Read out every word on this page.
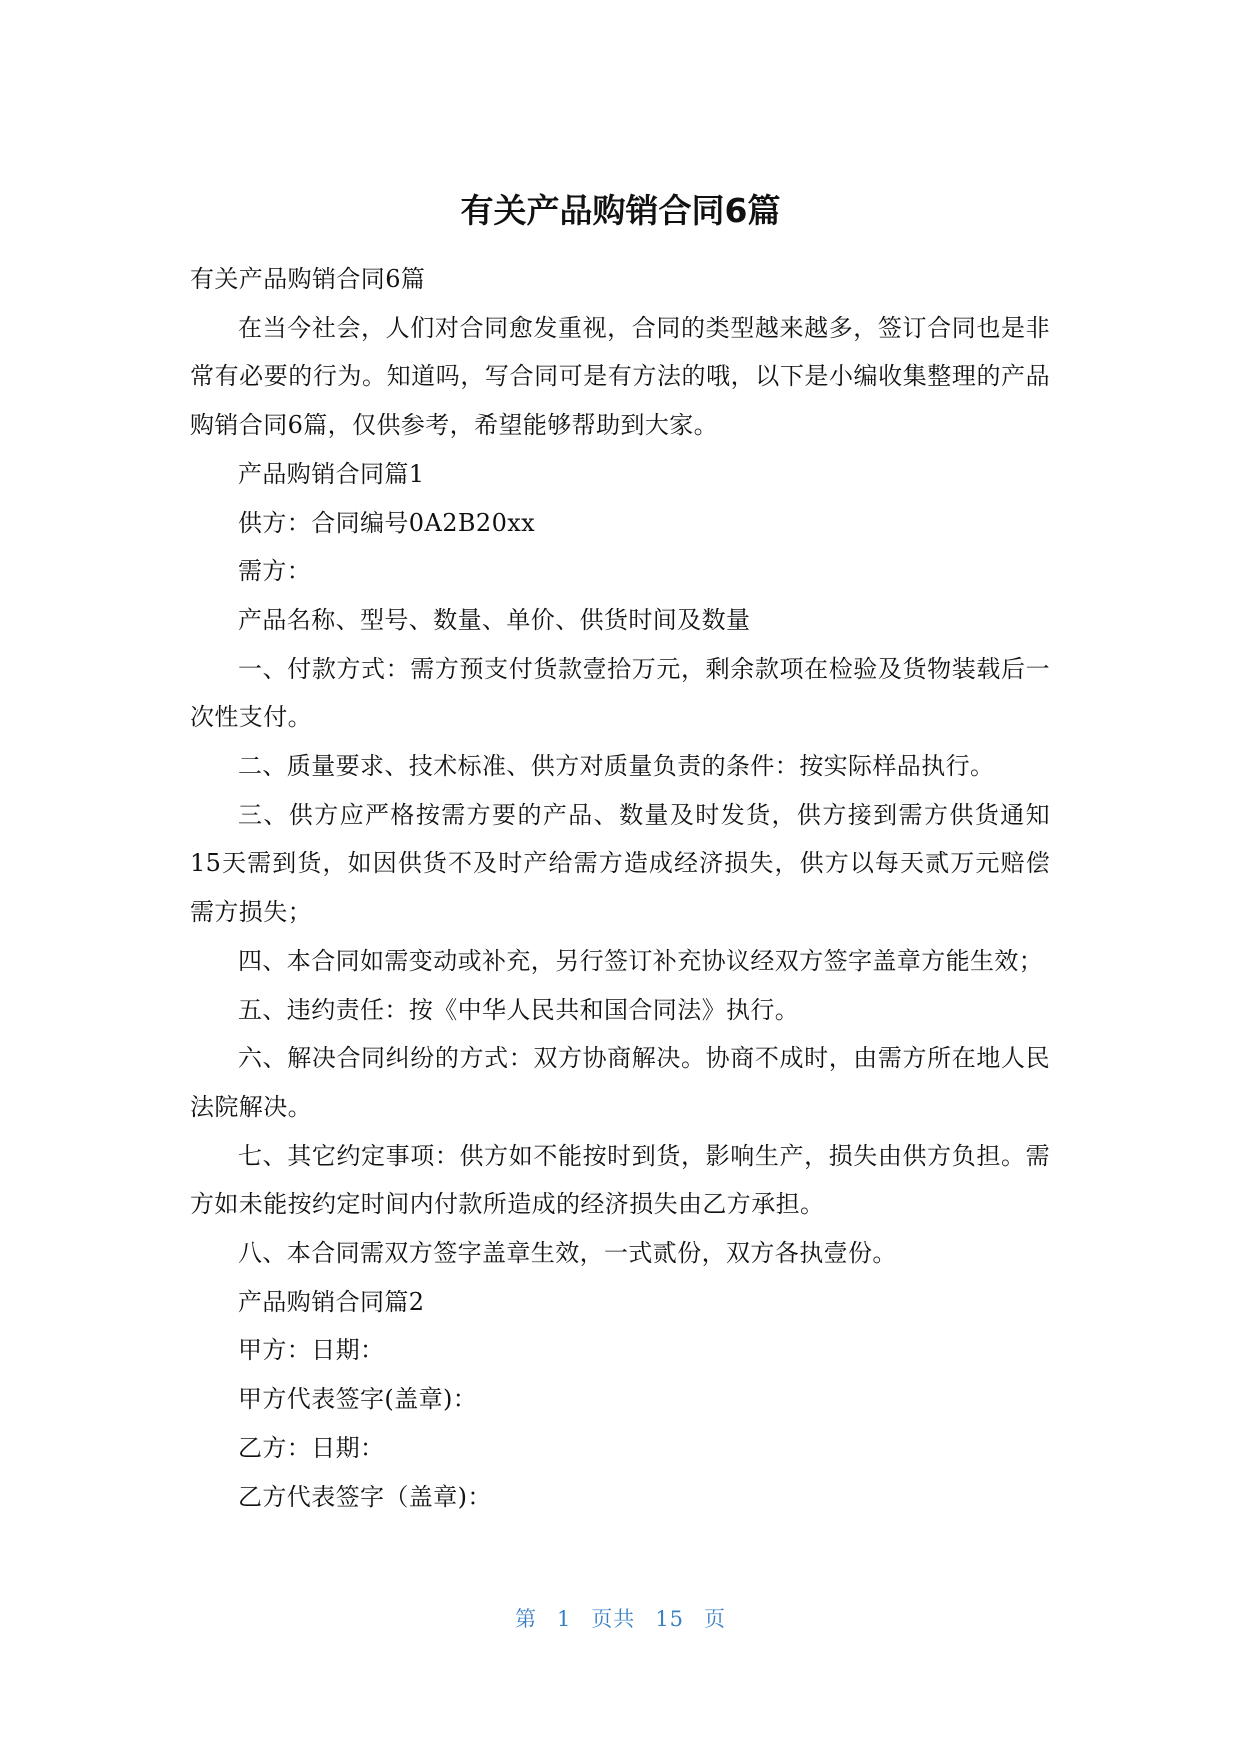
有关产品购销合同6篇

有关产品购销合同6篇

在当今社会，人们对合同愈发重视，合同的类型越来越多，签订合同也是非常有必要的行为。知道吗，写合同可是有方法的哦，以下是小编收集整理的产品购销合同6篇，仅供参考，希望能够帮助到大家。

产品购销合同篇1

供方：合同编号0A2B20xx

需方：

产品名称、型号、数量、单价、供货时间及数量

一、付款方式：需方预支付货款壹拾万元，剩余款项在检验及货物装载后一次性支付。

二、质量要求、技术标准、供方对质量负责的条件：按实际样品执行。

三、供方应严格按需方要的产品、数量及时发货，供方接到需方供货通知15天需到货，如因供货不及时产给需方造成经济损失，供方以每天贰万元赔偿需方损失；

四、本合同如需变动或补充，另行签订补充协议经双方签字盖章方能生效；

五、违约责任：按《中华人民共和国合同法》执行。

六、解决合同纠纷的方式：双方协商解决。协商不成时，由需方所在地人民法院解决。

七、其它约定事项：供方如不能按时到货，影响生产，损失由供方负担。需方如未能按约定时间内付款所造成的经济损失由乙方承担。

八、本合同需双方签字盖章生效，一式贰份，双方各执壹份。

产品购销合同篇2

甲方：日期：

甲方代表签字(盖章)：

乙方：日期：

乙方代表签字（盖章)：

第 1 页共 15 页
